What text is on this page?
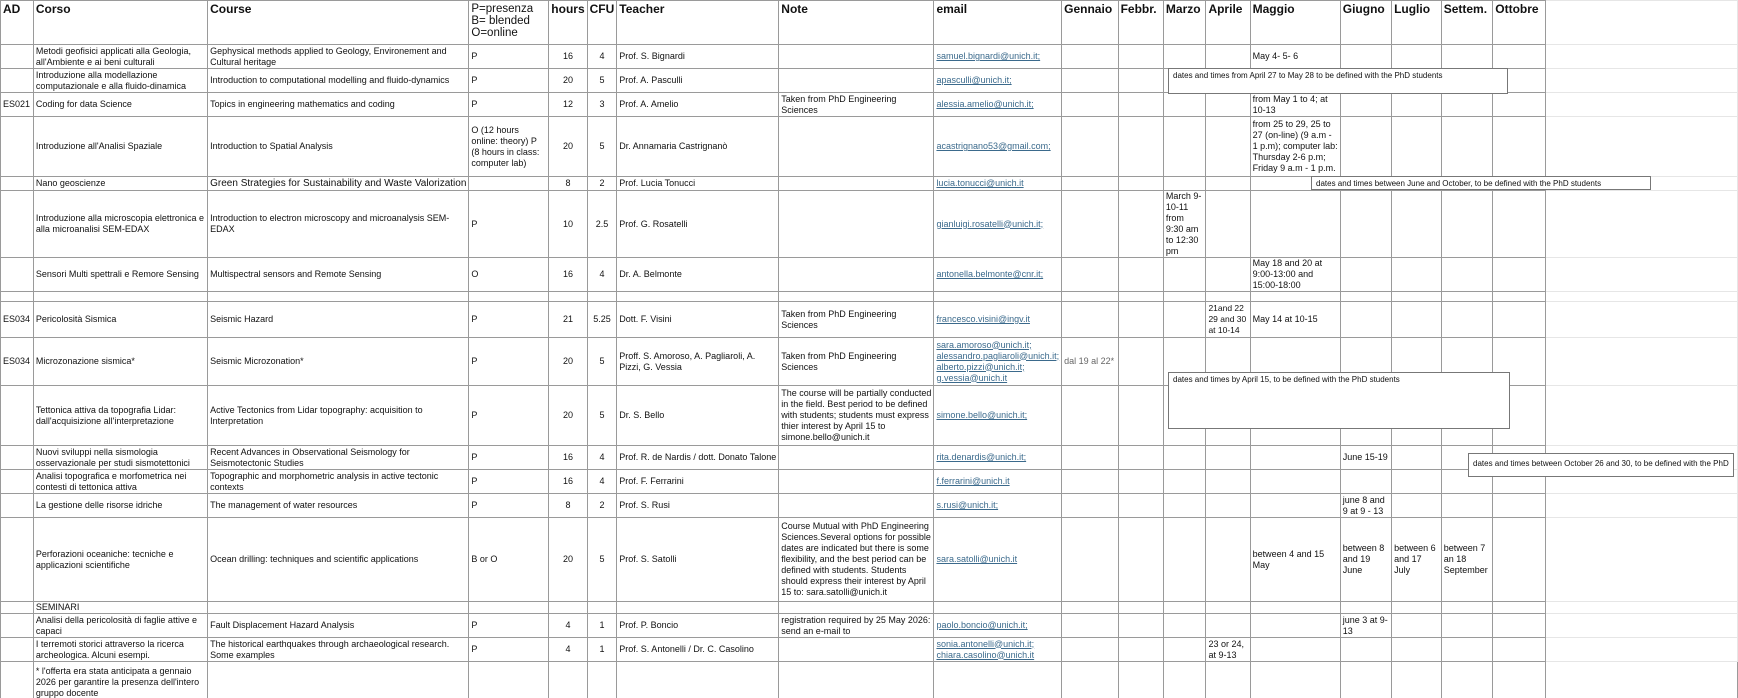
AD	Corso	Course	P=presenza B= blended O=online	hours	CFU	Teacher	Note	email	Gennaio	Febbr.	Marzo	Aprile	Maggio	Giugno	Luglio	Settem.	Ottobre	
	Metodi geofisici applicati alla Geologia, all'Ambiente e ai beni culturali	Gephysical methods applied to Geology, Environement and Cultural heritage	P	16	4	Prof. S. Bignardi		samuel.bignardi@unich.it;					May 4- 5- 6					
	Introduzione alla modellazione computazionale e alla fluido-dinamica	Introduction to computational modelling and fluido-dynamics	P	20	5	Prof. A. Pasculli		apasculli@unich.it;										
ES021	Coding for data Science	Topics in engineering mathematics and coding	P	12	3	Prof. A. Amelio	Taken from PhD Engineering Sciences	alessia.amelio@unich.it;					from May 1 to 4; at 10-13					
	Introduzione all'Analisi Spaziale	Introduction to Spatial Analysis	O (12 hours online: theory) P (8 hours in class: computer lab)	20	5	Dr. Annamaria Castrignanò		acastrignano53@gmail.com;					from 25 to 29, 25 to 27 (on-line) (9 a.m - 1 p.m); computer lab: Thursday 2-6 p.m; Friday 9 a.m - 1 p.m.					
	Nano geoscienze	Green Strategies for Sustainability and Waste Valorization		8	2	Prof. Lucia Tonucci		lucia.tonucci@unich.it										
	Introduzione alla microscopia elettronica e alla microanalisi SEM-EDAX	Introduction to electron microscopy and microanalysis SEM-EDAX	P	10	2.5	Prof. G. Rosatelli		gianluigi.rosatelli@unich.it;			March 9-10-11 from 9:30 am to 12:30 pm							
	Sensori Multi spettrali e Remore Sensing	Multispectral sensors and Remote Sensing	O	16	4	Dr. A. Belmonte		antonella.belmonte@cnr.it;					May 18 and 20 at 9:00-13:00 and 15:00-18:00					

ES034	Pericolosità Sismica	Seismic Hazard	P	21	5.25	Dott. F. Visini	Taken from PhD Engineering Sciences	francesco.visini@ingv.it				21and 22 29 and 30 at 10-14	May 14 at 10-15					
ES034	Microzonazione sismica*	Seismic Microzonation*	P	20	5	Proff. S. Amoroso, A. Pagliaroli, A. Pizzi, G. Vessia	Taken from PhD Engineering Sciences	sara.amoroso@unich.it; alessandro.pagliaroli@unich.it; alberto.pizzi@unich.it; g.vessia@unich.it	dal 19 al 22*									
	Tettonica attiva da topografia Lidar: dall'acquisizione all'interpretazione	Active Tectonics from Lidar topography: acquisition to Interpretation	P	20	5	Dr. S. Bello	The course will be partially conducted in the field. Best period to be defined with students; students must express thier interest by April 15 to simone.bello@unich.it	simone.bello@unich.it;										
	Nuovi sviluppi nella sismologia osservazionale per studi sismotettonici	Recent Advances in Observational Seismology for Seismotectonic Studies	P	16	4	Prof. R. de Nardis / dott. Donato Talone		rita.denardis@unich.it;						June 15-19				
	Analisi topografica e morfometrica nei contesti di tettonica attiva	Topographic and morphometric analysis in active tectonic contexts	P	16	4	Prof. F. Ferrarini		f.ferrarini@unich.it										
	La gestione delle risorse idriche	The management of water resources	P	8	2	Prof. S. Rusi		s.rusi@unich.it;						june 8 and 9 at 9 - 13				
	Perforazioni oceaniche: tecniche e applicazioni scientifiche	Ocean drilling: techniques and scientific applications	B or O	20	5	Prof. S. Satolli	Course Mutual with PhD Engineering Sciences.Several options for possible dates are indicated but there is some flexibility, and the best period can be defined with students. Students should express their interest by April 15 to: sara.satolli@unich.it	sara.satolli@unich.it					between 4 and 15 May	between 8 and 19 June	between 6 and 17 July	between 7 an 18 September		
	SEMINARI																	
	Analisi della pericolosità di faglie attive e capaci	Fault Displacement Hazard Analysis	P	4	1	Prof. P. Boncio	registration required by 25 May 2026: send an e-mail to	paolo.boncio@unich.it;						june 3 at 9-13				
	I terremoti storici attraverso la ricerca archeologica. Alcuni esempi.	The historical earthquakes through archaeological research. Some examples	P	4	1	Prof. S. Antonelli / Dr. C. Casolino		sonia.antonelli@unich.it; chiara.casolino@unich.it				23 or 24, at 9-13						
	* l'offerta era stata anticipata a gennaio 2026 per garantire la presenza dell'intero gruppo docente																	
dates and times from April 27 to May 28 to be defined with the PhD students
dates and times between June and October, to be defined with the PhD students
dates and times by April 15, to be defined with the PhD students
dates and times between October 26 and 30, to be defined with the PhD
